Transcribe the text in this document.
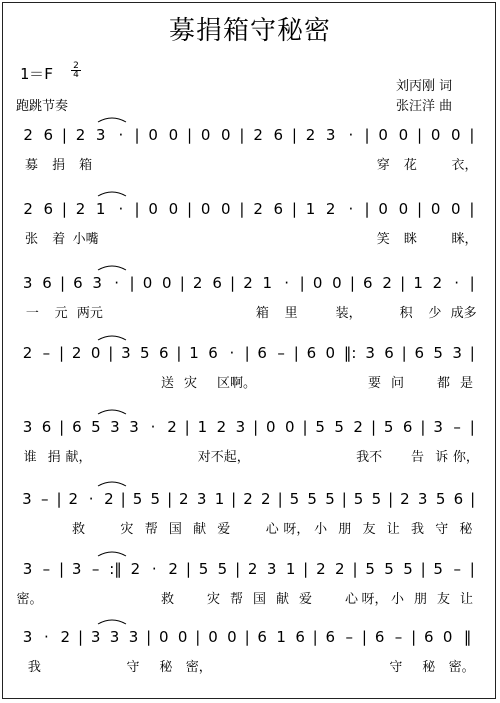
募捐箱守秘密
1＝F	2
4
跑跳节奏
刘丙刚 词
张汪洋 曲
2 6 | 2 3 · | 0 0 | 0 0 | 2 6 | 2 3 · | 0 0 | 0 0 |
募 捐 箱	穿 花	衣，
2 6 | 2 1 · | 0 0 | 0 0 | 2 6 | 1 2 · | 0 0 | 0 0 |
张 着 小嘴	笑 眯	眯，
3 6 | 6 3 · | 0 0 | 2 6 | 2 1 · | 0 0 | 6 2 | 1 2 · |
一 元 两元	箱 里	装，	积 少 成多
2 – | 2 0 | 3 5 6 | 1 6 · | 6 – | 6 0 ‖: 3 6 | 6 5 3 |
送 灾 区啊。	要 问	都 是
3 6 | 6 5 3 3 · 2 | 1 2 3 | 0 0 | 5 5 2 | 5 6 | 3 – |
谁 捐 献，	对不起，	我不 告 诉 你，
3 – | 2 · 2 | 5 5 | 2 3 1 | 2 2 | 5 5 5 | 5 5 | 2 3 5 6 |
救	灾 帮 国 献 爱	心 呀， 小 朋 友 让 我 守 秘
3 – | 3 – :‖ 2 · 2 | 5 5 | 2 3 1 | 2 2 | 5 5 5 | 5 – |
密。	救	灾 帮 国 献 爱	心 呀， 小 朋 友 让
3 · 2 | 3 3 3 | 0 0 | 0 0 | 6 1 6 | 6 – | 6 – | 6 0 ‖
我	守 秘 密，	守 秘 密。
